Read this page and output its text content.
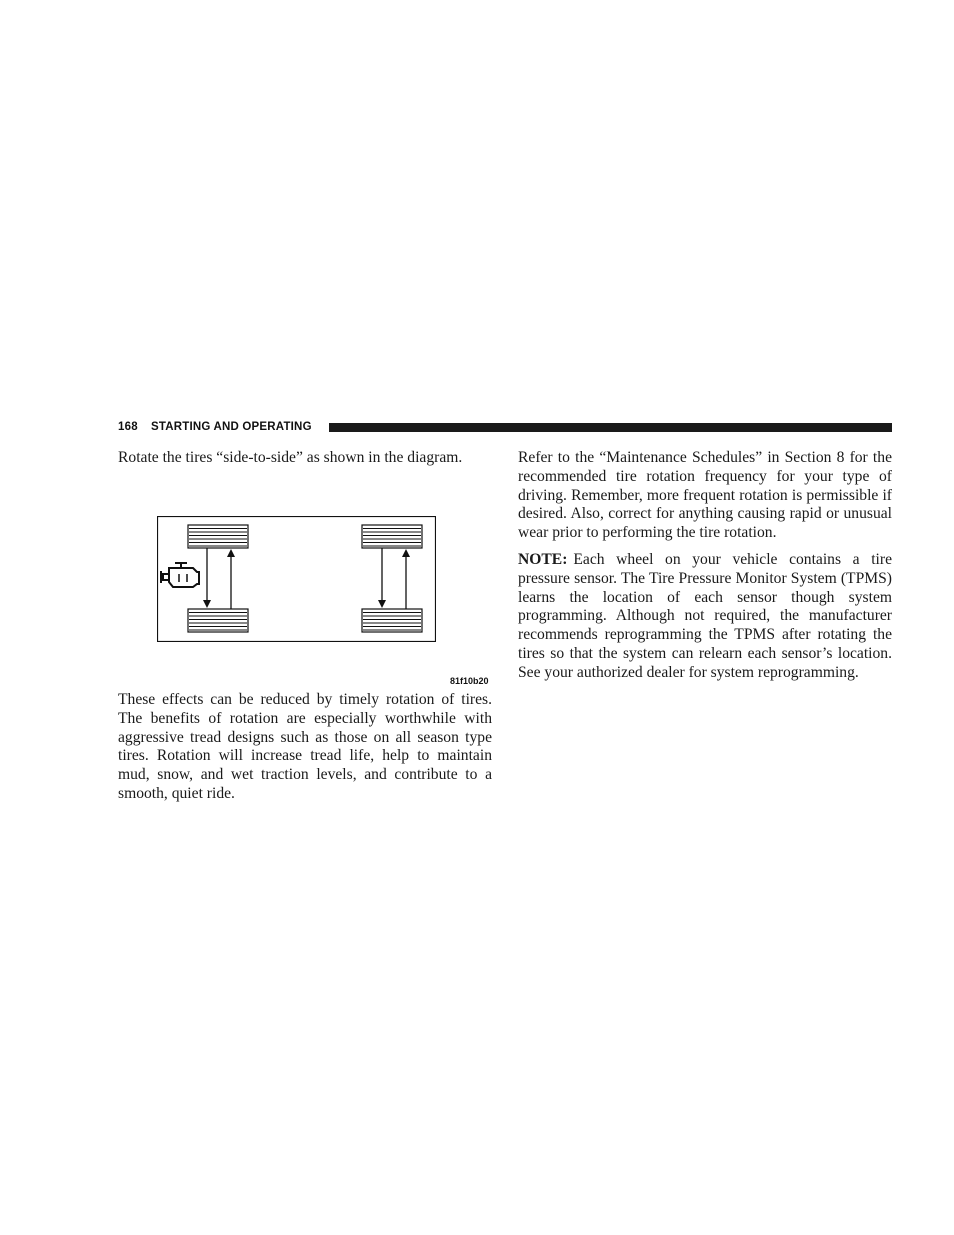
168 STARTING AND OPERATING
Rotate the tires “side-to-side” as shown in the diagram.
81f10b20

These effects can be reduced by timely rotation of tires. The benefits of rotation are especially worthwhile with aggressive tread designs such as those on all season type tires. Rotation will increase tread life, help to maintain mud, snow, and wet traction levels, and contribute to a smooth, quiet ride.

Refer to the “Maintenance Schedules” in Section 8 for the recommended tire rotation frequency for your type of driving. Remember, more frequent rotation is permissible if desired. Also, correct for anything causing rapid or unusual wear prior to performing the tire rotation.

NOTE: Each wheel on your vehicle contains a tire pressure sensor. The Tire Pressure Monitor System (TPMS) learns the location of each sensor though system programming. Although not required, the manufacturer recommends reprogramming the TPMS after rotating the tires so that the system can relearn each sensor’s location. See your authorized dealer for system reprogramming.
